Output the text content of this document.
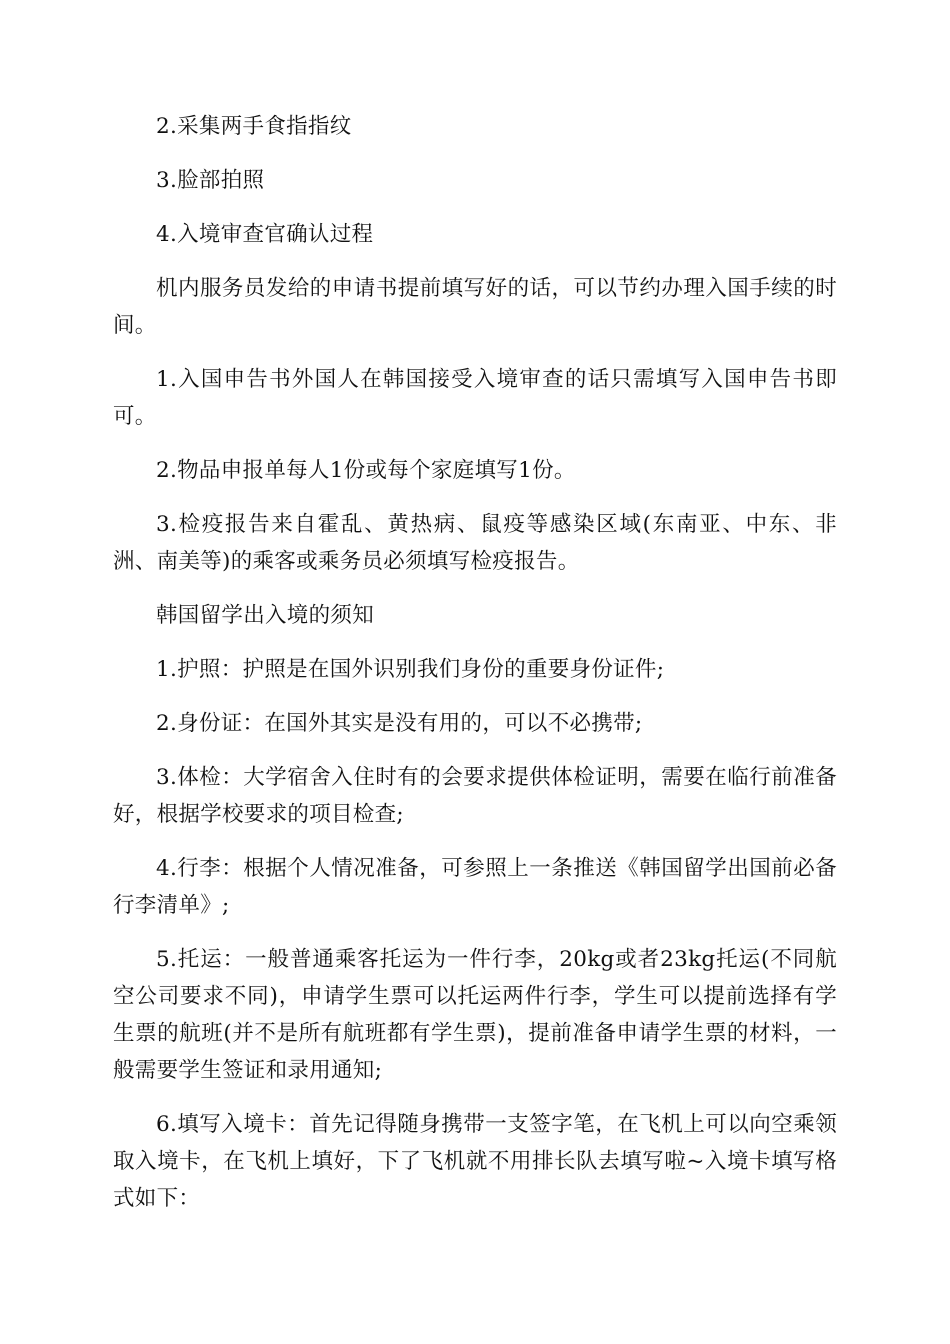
2.采集两手食指指纹

3.脸部拍照

4.入境审查官确认过程

机内服务员发给的申请书提前填写好的话，可以节约办理入国手续的时间。

1.入国申告书外国人在韩国接受入境审查的话只需填写入国申告书即可。

2.物品申报单每人1份或每个家庭填写1份。

3.检疫报告来自霍乱、黄热病、鼠疫等感染区域(东南亚、中东、非洲、南美等)的乘客或乘务员必须填写检疫报告。

韩国留学出入境的须知

1.护照：护照是在国外识别我们身份的重要身份证件;

2.身份证：在国外其实是没有用的，可以不必携带;

3.体检：大学宿舍入住时有的会要求提供体检证明，需要在临行前准备好，根据学校要求的项目检查;

4.行李：根据个人情况准备，可参照上一条推送《韩国留学出国前必备行李清单》;

5.托运：一般普通乘客托运为一件行李，20kg或者23kg托运(不同航空公司要求不同)，申请学生票可以托运两件行李，学生可以提前选择有学生票的航班(并不是所有航班都有学生票)，提前准备申请学生票的材料，一般需要学生签证和录用通知;

6.填写入境卡：首先记得随身携带一支签字笔，在飞机上可以向空乘领取入境卡，在飞机上填好，下了飞机就不用排长队去填写啦~入境卡填写格式如下：
